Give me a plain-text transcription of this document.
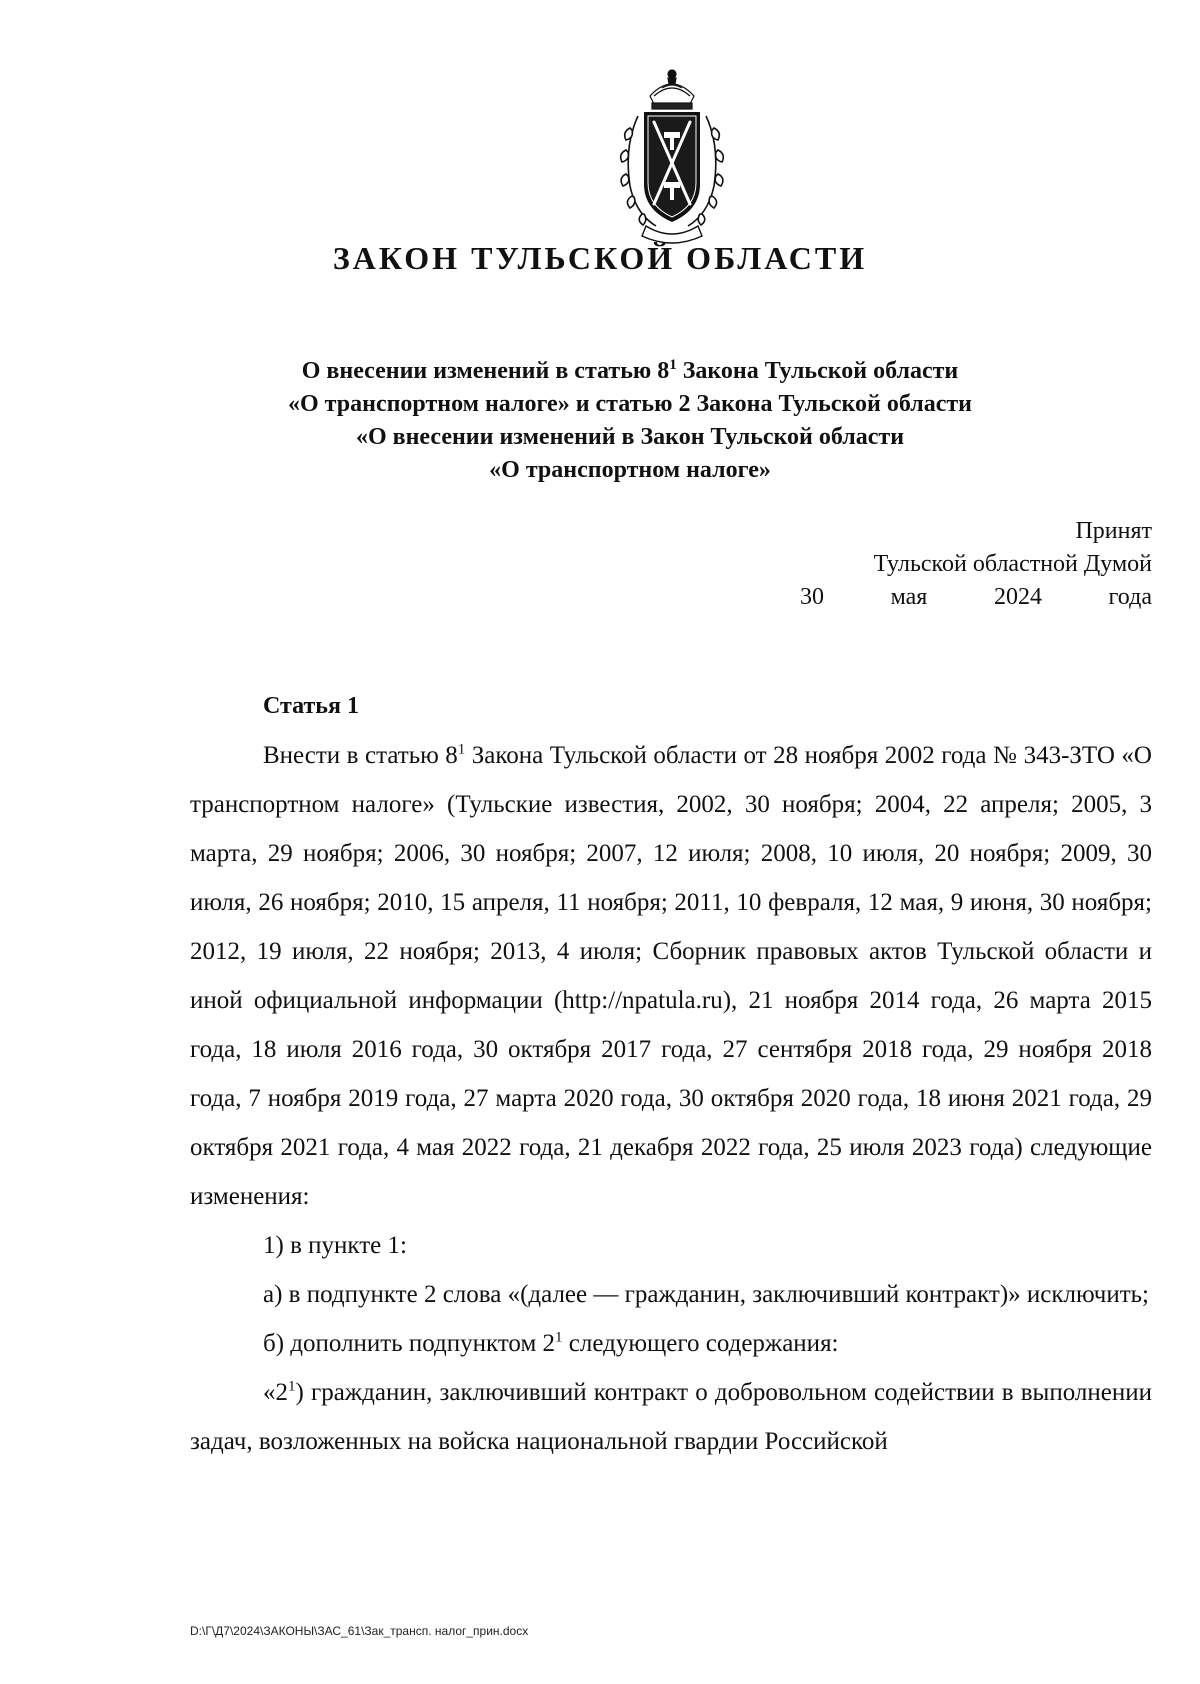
ЗАКОН ТУЛЬСКОЙ ОБЛАСТИ
О внесении изменений в статью $8^1$ Закона Тульской области
«О транспортном налоге» и статью 2 Закона Тульской области
«О внесении изменений в Закон Тульской области
«О транспортном налоге»
Принят
Тульской областной Думой
30	мая	2024	года
Статья 1

Внести в статью $8^1$ Закона Тульской области от 28 ноября 2002 года № 343-ЗТО «О транспортном налоге» (Тульские известия, 2002, 30 ноября; 2004, 22 апреля; 2005, 3 марта, 29 ноября; 2006, 30 ноября; 2007, 12 июля; 2008, 10 июля, 20 ноября; 2009, 30 июля, 26 ноября; 2010, 15 апреля, 11 ноября; 2011, 10 февраля, 12 мая, 9 июня, 30 ноября; 2012, 19 июля, 22 ноября; 2013, 4 июля; Сборник правовых актов Тульской области и иной официальной информации (http://npatula.ru), 21 ноября 2014 года, 26 марта 2015 года, 18 июля 2016 года, 30 октября 2017 года, 27 сентября 2018 года, 29 ноября 2018 года, 7 ноября 2019 года, 27 марта 2020 года, 30 октября 2020 года, 18 июня 2021 года, 29 октября 2021 года, 4 мая 2022 года, 21 декабря 2022 года, 25 июля 2023 года) следующие изменения:

1) в пункте 1:

а) в подпункте 2 слова «(далее — гражданин, заключивший контракт)» исключить;

б) дополнить подпунктом $2^1$ следующего содержания:

«$2^1$) гражданин, заключивший контракт о добровольном содействии в выполнении задач, возложенных на войска национальной гвардии Российской

D:\Г\Д7\2024\ЗАКОНЫ\ЗАС_61\Зак_трансп. налог_прин.docx
